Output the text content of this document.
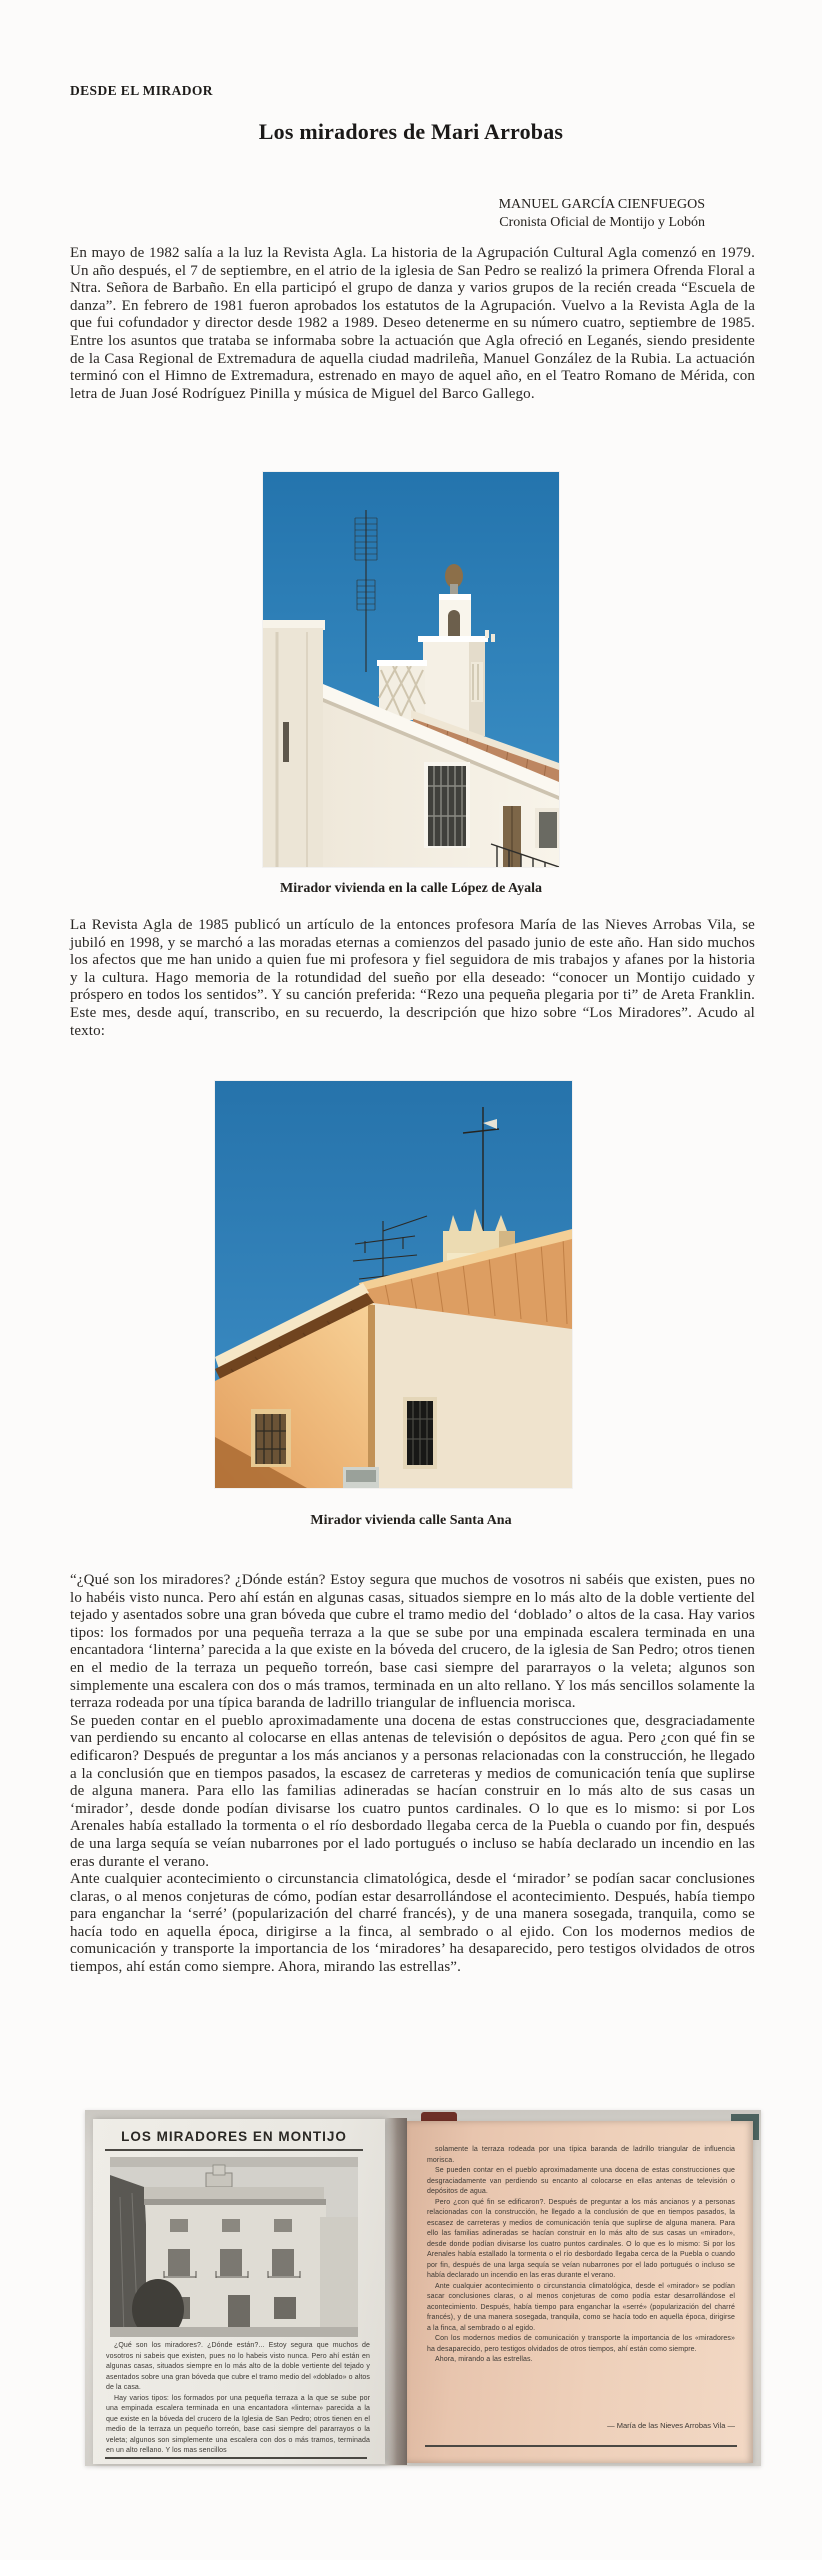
DESDE EL MIRADOR
Los miradores de Mari Arrobas
MANUEL GARCÍA CIENFUEGOS
Cronista Oficial de Montijo y Lobón

En mayo de 1982 salía a la luz la Revista Agla. La historia de la Agrupación Cultural Agla comenzó en 1979. Un año después, el 7 de septiembre, en el atrio de la iglesia de San Pedro se realizó la primera Ofrenda Floral a Ntra. Señora de Barbaño. En ella participó el grupo de danza y varios grupos de la recién creada “Escuela de danza”. En febrero de 1981 fueron aprobados los estatutos de la Agrupación. Vuelvo a la Revista Agla de la que fui cofundador y director desde 1982 a 1989. Deseo detenerme en su número cuatro, septiembre de 1985. Entre los asuntos que trataba se informaba sobre la actuación que Agla ofreció en Leganés, siendo presidente de la Casa Regional de Extremadura de aquella ciudad madrileña, Manuel González de la Rubia. La actuación terminó con el Himno de Extremadura, estrenado en mayo de aquel año, en el Teatro Romano de Mérida, con letra de Juan José Rodríguez Pinilla y música de Miguel del Barco Gallego.

Mirador vivienda en la calle López de Ayala

La Revista Agla de 1985 publicó un artículo de la entonces profesora María de las Nieves Arrobas Vila, se jubiló en 1998, y se marchó a las moradas eternas a comienzos del pasado junio de este año. Han sido muchos los afectos que me han unido a quien fue mi profesora y fiel seguidora de mis trabajos y afanes por la historia y la cultura. Hago memoria de la rotundidad del sueño por ella deseado: “conocer un Montijo cuidado y próspero en todos los sentidos”. Y su canción preferida: “Rezo una pequeña plegaria por ti” de Areta Franklin. Este mes, desde aquí, transcribo, en su recuerdo, la descripción que hizo sobre “Los Miradores”. Acudo al texto:

Mirador vivienda calle Santa Ana

“¿Qué son los miradores? ¿Dónde están? Estoy segura que muchos de vosotros ni sabéis que existen, pues no lo habéis visto nunca. Pero ahí están en algunas casas, situados siempre en lo más alto de la doble vertiente del tejado y asentados sobre una gran bóveda que cubre el tramo medio del ‘doblado’ o altos de la casa. Hay varios tipos: los formados por una pequeña terraza a la que se sube por una empinada escalera terminada en una encantadora ‘linterna’ parecida a la que existe en la bóveda del crucero, de la iglesia de San Pedro; otros tienen en el medio de la terraza un pequeño torreón, base casi siempre del pararrayos o la veleta; algunos son simplemente una escalera con dos o más tramos, terminada en un alto rellano. Y los más sencillos solamente la terraza rodeada por una típica baranda de ladrillo triangular de influencia morisca.

Se pueden contar en el pueblo aproximadamente una docena de estas construcciones que, desgraciadamente van perdiendo su encanto al colocarse en ellas antenas de televisión o depósitos de agua. Pero ¿con qué fin se edificaron? Después de preguntar a los más ancianos y a personas relacionadas con la construcción, he llegado a la conclusión que en tiempos pasados, la escasez de carreteras y medios de comunicación tenía que suplirse de alguna manera. Para ello las familias adineradas se hacían construir en lo más alto de sus casas un ‘mirador’, desde donde podían divisarse los cuatro puntos cardinales. O lo que es lo mismo: si por Los Arenales había estallado la tormenta o el río desbordado llegaba cerca de la Puebla o cuando por fin, después de una larga sequía se veían nubarrones por el lado portugués o incluso se había declarado un incendio en las eras durante el verano.

Ante cualquier acontecimiento o circunstancia climatológica, desde el ‘mirador’ se podían sacar conclusiones claras, o al menos conjeturas de cómo, podían estar desarrollándose el acontecimiento. Después, había tiempo para enganchar la ‘serré’ (popularización del charré francés), y de una manera sosegada, tranquila, como se hacía todo en aquella época, dirigirse a la finca, al sembrado o al ejido. Con los modernos medios de comunicación y transporte la importancia de los ‘miradores’ ha desaparecido, pero testigos olvidados de otros tiempos, ahí están como siempre. Ahora, mirando las estrellas”.

LOS MIRADORES EN MONTIJO

¿Qué son los miradores?. ¿Dónde están?... Estoy segura que muchos de vosotros ni sabeis que existen, pues no lo habeis visto nunca. Pero ahí están en algunas casas, situados siempre en lo más alto de la doble vertiente del tejado y asentados sobre una gran bóveda que cubre el tramo medio del «doblado» o altos de la casa.

Hay varios tipos: los formados por una pequeña terraza a la que se sube por una empinada escalera terminada en una encantadora «linterna» parecida a la que existe en la bóveda del crucero de la Iglesia de San Pedro; otros tienen en el medio de la terraza un pequeño torreón, base casi siempre del pararrayos o la veleta; algunos son simplemente una escalera con dos o más tramos, terminada en un alto rellano. Y los mas sencillos

solamente la terraza rodeada por una típica baranda de ladrillo triangular de influencia morisca.

Se pueden contar en el pueblo aproximadamente una docena de estas construcciones que desgraciadamente van perdiendo su encanto al colocarse en ellas antenas de televisión o depósitos de agua.

Pero ¿con qué fin se edificaron?. Después de preguntar a los más ancianos y a personas relacionadas con la construcción, he llegado a la conclusión de que en tiempos pasados, la escasez de carreteras y medios de comunicación tenía que suplirse de alguna manera. Para ello las familias adineradas se hacían construir en lo más alto de sus casas un «mirador», desde donde podían divisarse los cuatro puntos cardinales. O lo que es lo mismo: Si por los Arenales había estallado la tormenta o el río desbordado llegaba cerca de la Puebla o cuando por fin, después de una larga sequía se veían nubarrones por el lado portugués o incluso se había declarado un incendio en las eras durante el verano.

Ante cualquier acontecimiento o circunstancia climatológica, desde el «mirador» se podían sacar conclusiones claras, o al menos conjeturas de como podía estar desarrollándose el acontecimiento. Después, había tiempo para enganchar la «serré» (popularización del charré francés), y de una manera sosegada, tranquila, como se hacía todo en aquella época, dirigirse a la finca, al sembrado o al egido.

Con los modernos medios de comunicación y transporte la importancia de los «miradores» ha desaparecido, pero testigos olvidados de otros tiempos, ahí están como siempre.

Ahora, mirando a las estrellas.

— María de las Nieves Arrobas Vila —
